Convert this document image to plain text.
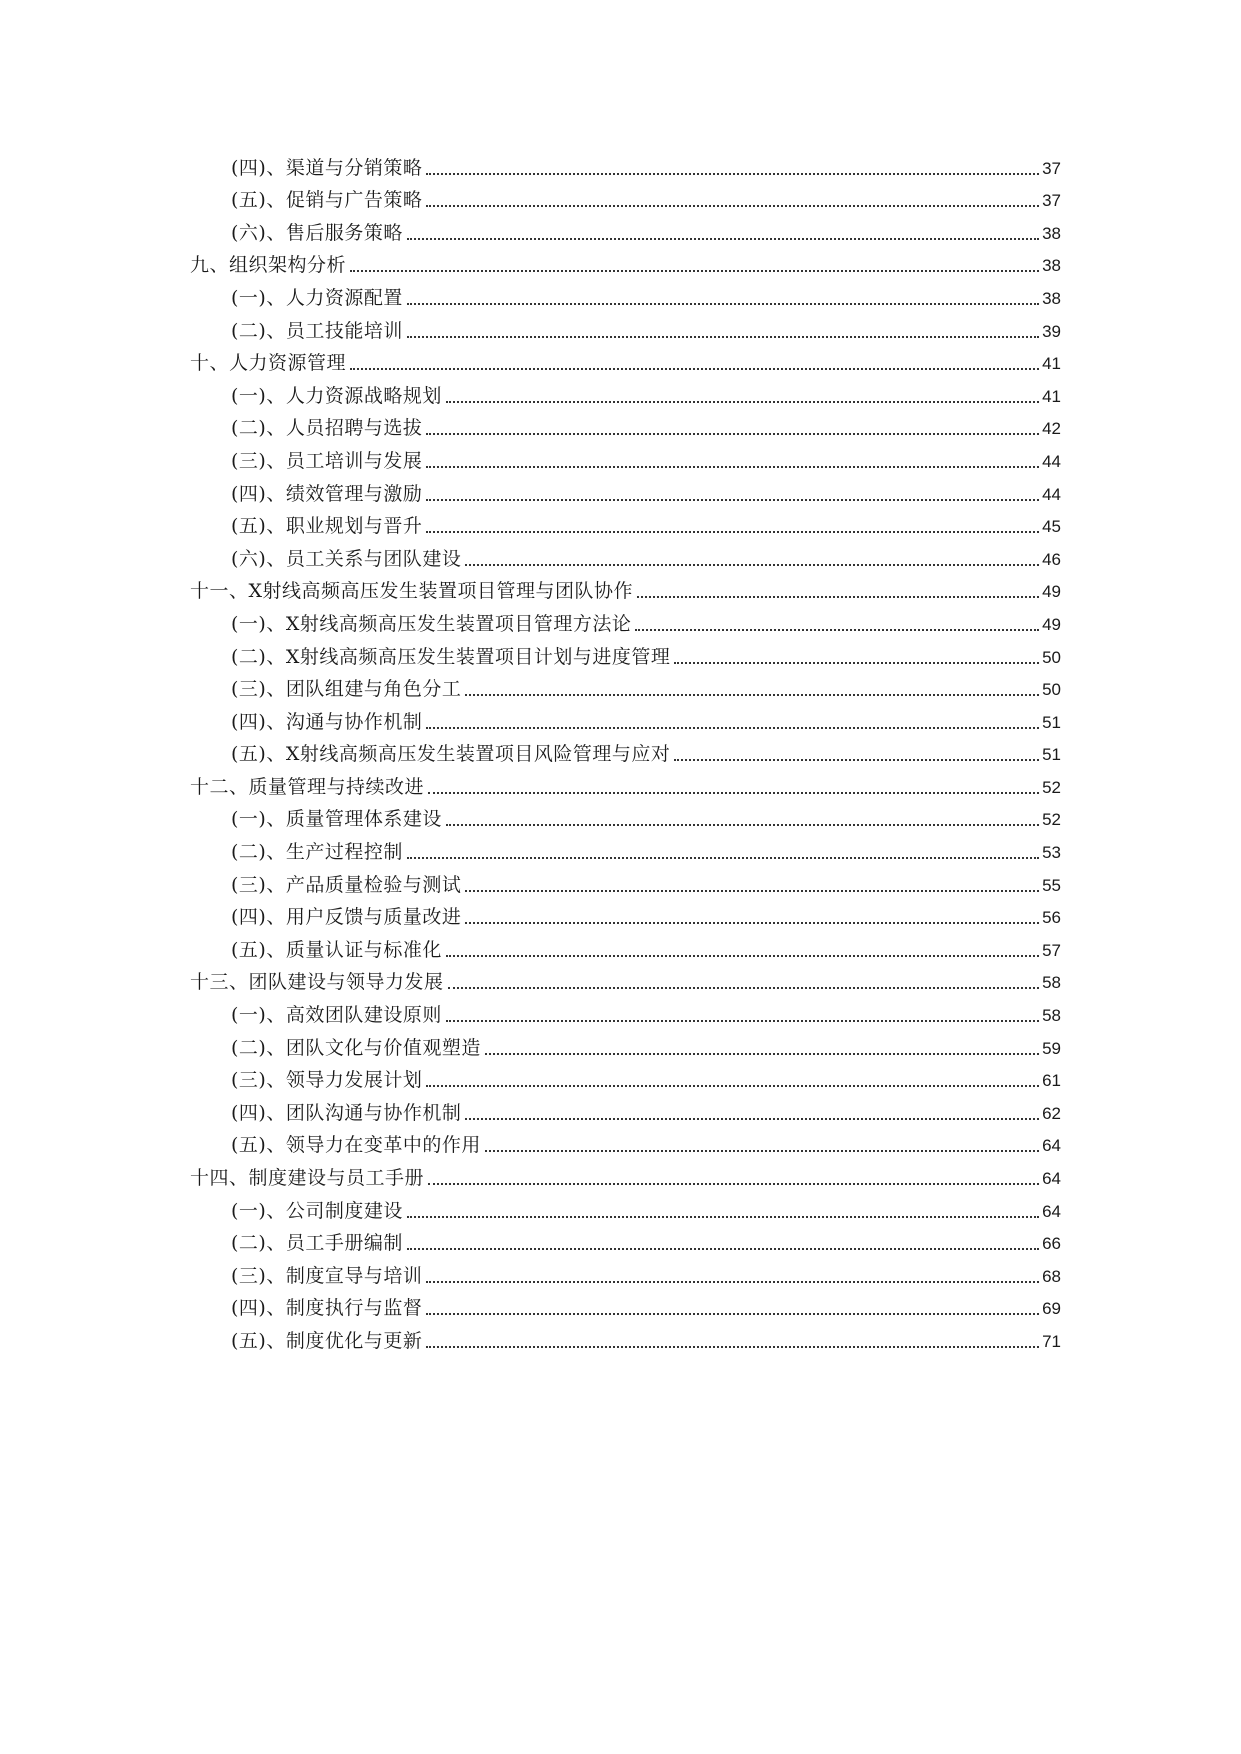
(四)、渠道与分销策略	37
(五)、促销与广告策略	37
(六)、售后服务策略	38
九、组织架构分析	38
(一)、人力资源配置	38
(二)、员工技能培训	39
十、人力资源管理	41
(一)、人力资源战略规划	41
(二)、人员招聘与选拔	42
(三)、员工培训与发展	44
(四)、绩效管理与激励	44
(五)、职业规划与晋升	45
(六)、员工关系与团队建设	46
十一、X射线高频高压发生装置项目管理与团队协作	49
(一)、X射线高频高压发生装置项目管理方法论	49
(二)、X射线高频高压发生装置项目计划与进度管理	50
(三)、团队组建与角色分工	50
(四)、沟通与协作机制	51
(五)、X射线高频高压发生装置项目风险管理与应对	51
十二、质量管理与持续改进	52
(一)、质量管理体系建设	52
(二)、生产过程控制	53
(三)、产品质量检验与测试	55
(四)、用户反馈与质量改进	56
(五)、质量认证与标准化	57
十三、团队建设与领导力发展	58
(一)、高效团队建设原则	58
(二)、团队文化与价值观塑造	59
(三)、领导力发展计划	61
(四)、团队沟通与协作机制	62
(五)、领导力在变革中的作用	64
十四、制度建设与员工手册	64
(一)、公司制度建设	64
(二)、员工手册编制	66
(三)、制度宣导与培训	68
(四)、制度执行与监督	69
(五)、制度优化与更新	71
